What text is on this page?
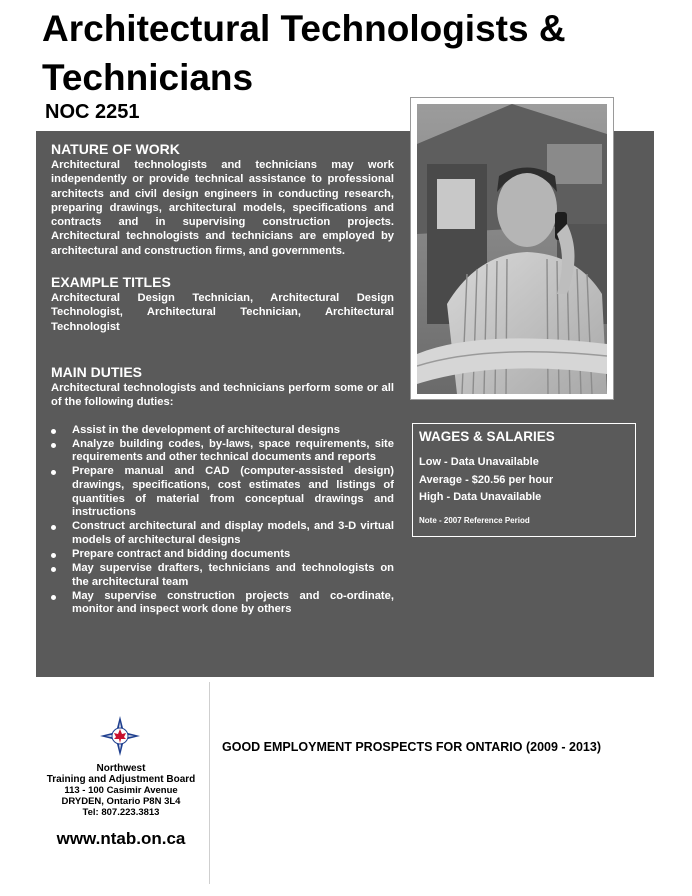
Architectural Technologists & Technicians
NOC 2251
NATURE OF WORK

Architectural technologists and technicians may work independently or provide technical assistance to professional architects and civil design engineers in conducting research, preparing drawings, architectural models, specifications and contracts and in supervising construction projects. Architectural technologists and technicians are employed by architectural and construction firms, and governments.

EXAMPLE TITLES

Architectural Design Technician, Architectural Design Technologist, Architectural Technician, Architectural Technologist

MAIN DUTIES

Architectural technologists and technicians perform some or all of the following duties:

Assist in the development of architectural designs
Analyze building codes, by-laws, space requirements, site requirements and other technical documents and reports
Prepare manual and CAD (computer-assisted design) drawings, specifications, cost estimates and listings of quantities of material from conceptual drawings and instructions
Construct architectural and display models, and 3-D virtual models of architectural designs
Prepare contract and bidding documents
May supervise drafters, technicians and technologists on the architectural team
May supervise construction projects and co-ordinate, monitor and inspect work done by others
WAGES & SALARIES
Low - Data Unavailable
Average - $20.56 per hour
High - Data Unavailable
Note - 2007 Reference Period
Northwest
Training and Adjustment Board
113 - 100 Casimir Avenue
DRYDEN, Ontario P8N 3L4
Tel: 807.223.3813
www.ntab.on.ca
GOOD EMPLOYMENT PROSPECTS FOR ONTARIO (2009 - 2013)
